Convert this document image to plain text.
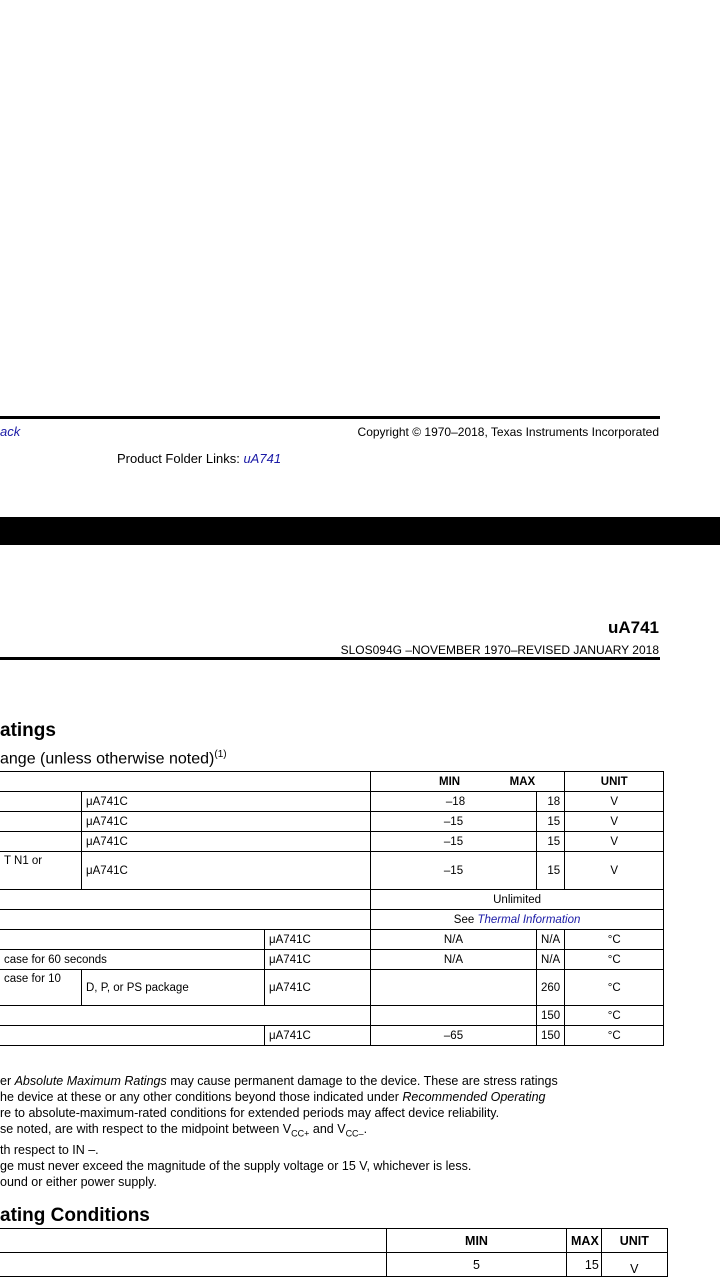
ack	Copyright © 1970–2018, Texas Instruments Incorporated
Product Folder Links: uA741
uA741
SLOS094G –NOVEMBER 1970–REVISED JANUARY 2018
atings
ange (unless otherwise noted)$^{(1)}$

			MIN MAX		UNIT
	μA741C		–18	18	V
	μA741C		–15	15	V
	μA741C		–15	15	V
T N1 or	μA741C		–15	15	V
			Unlimited		
			See Thermal Information		
		μA741C	N/A	N/A	°C
case for 60 seconds		μA741C	N/A	N/A	°C
case for 10	D, P, or PS package	μA741C		260	°C
				150	°C
		μA741C	–65	150	°C
er Absolute Maximum Ratings may cause permanent damage to the device. These are stress ratings
he device at these or any other conditions beyond those indicated under Recommended Operating
re to absolute-maximum-rated conditions for extended periods may affect device reliability.
se noted, are with respect to the midpoint between $V_{CC+}$ and $V_{CC-}$.
th respect to IN –.
ge must never exceed the magnitude of the supply voltage or 15 V, whichever is less.
ound or either power supply.
ating Conditions
	MIN	MAX	UNIT
	5	15	V
